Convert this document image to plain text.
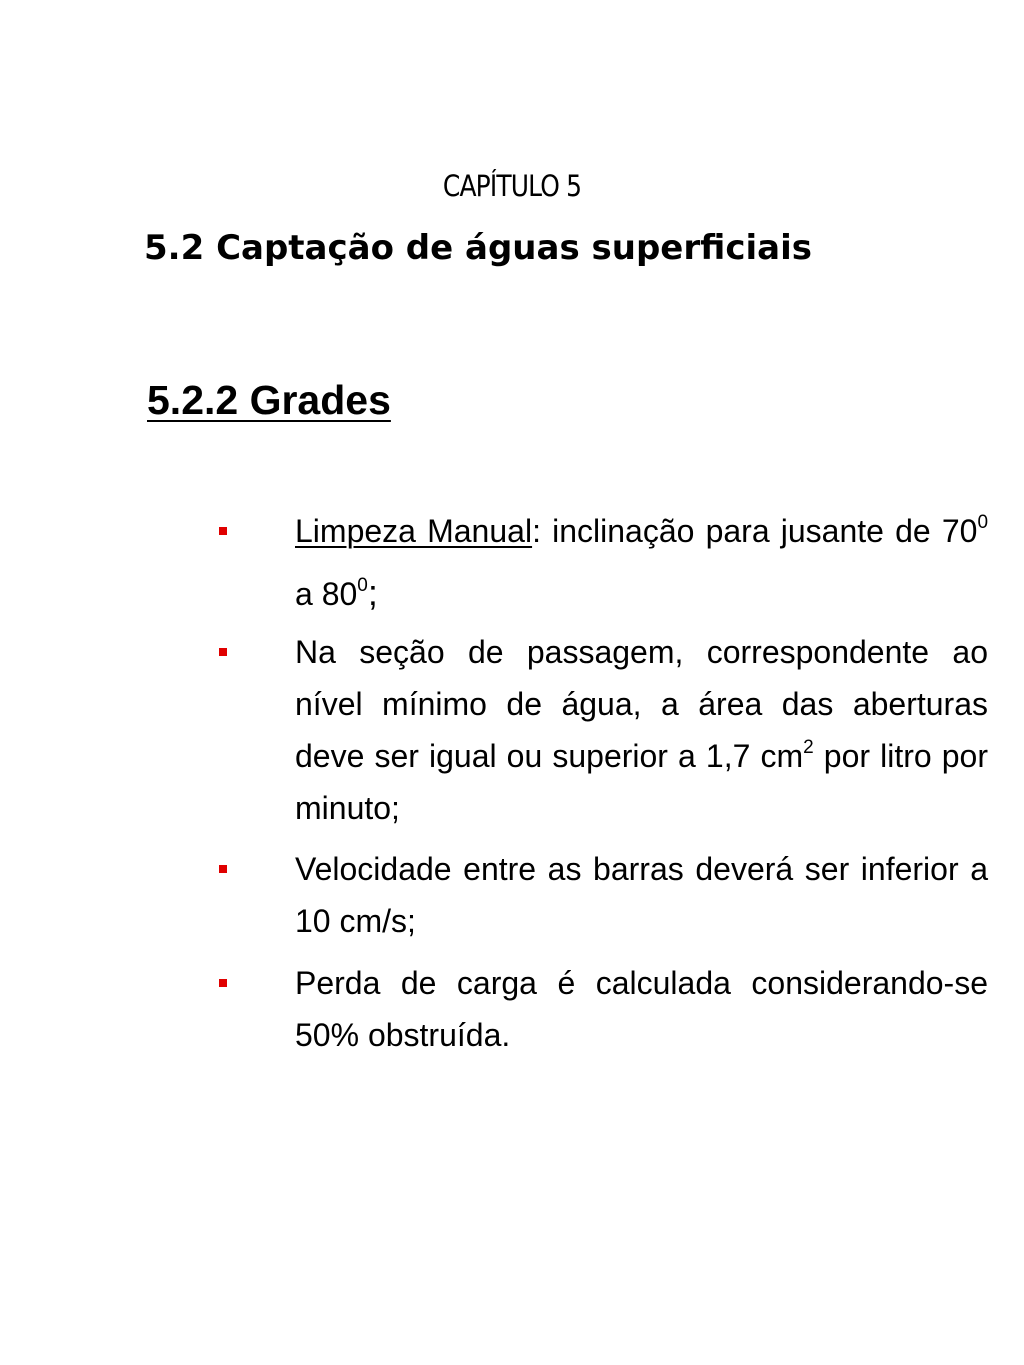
CAPÍTULO 5
5.2 Captação de águas superficiais
5.2.2 Grades
Limpeza Manual: inclinação para jusante de $70^0$ a $80^0$;
Na seção de passagem, correspondente ao nível mínimo de água, a área das aberturas deve ser igual ou superior a 1,7 $cm^2$ por litro por minuto;
Velocidade entre as barras deverá ser inferior a 10 cm/s;
Perda de carga é calculada considerando-se 50% obstruída.
